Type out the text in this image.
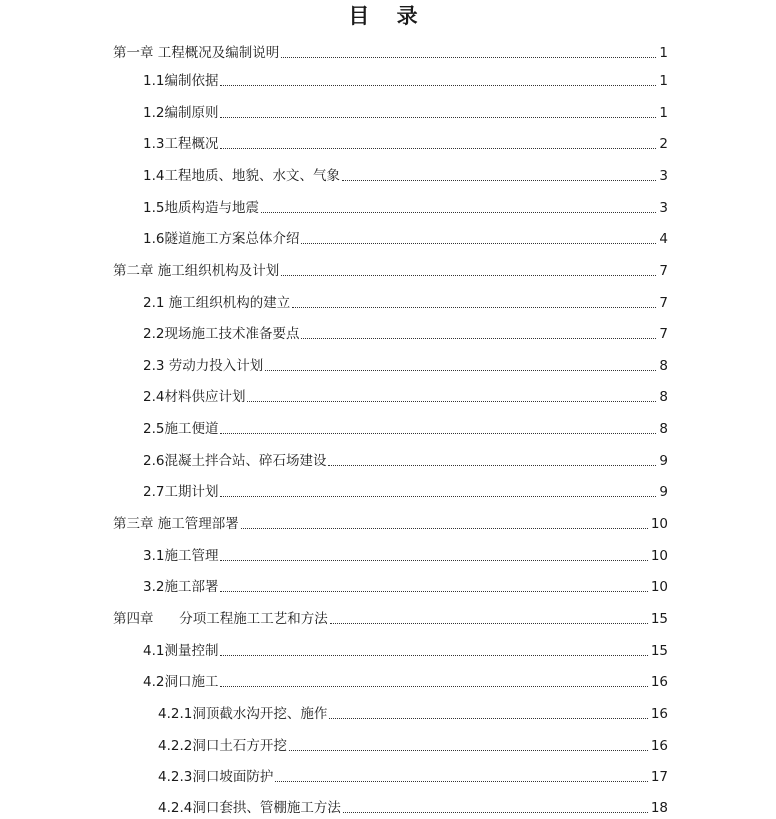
目 录
第一章 工程概况及编制说明	1
1.1编制依据	1
1.2编制原则	1
1.3工程概况	2
1.4工程地质、地貌、水文、气象	3
1.5地质构造与地震	3
1.6隧道施工方案总体介绍	4
第二章 施工组织机构及计划	7
2.1 施工组织机构的建立	7
2.2现场施工技术准备要点	7
2.3 劳动力投入计划	8
2.4材料供应计划	8
2.5施工便道	8
2.6混凝土拌合站、碎石场建设	9
2.7工期计划	9
第三章 施工管理部署	10
3.1施工管理	10
3.2施工部署	10
第四章      分项工程施工工艺和方法	15
4.1测量控制	15
4.2洞口施工	16
4.2.1洞顶截水沟开挖、施作	16
4.2.2洞口土石方开挖	16
4.2.3洞口坡面防护	17
4.2.4洞口套拱、管棚施工方法	18
